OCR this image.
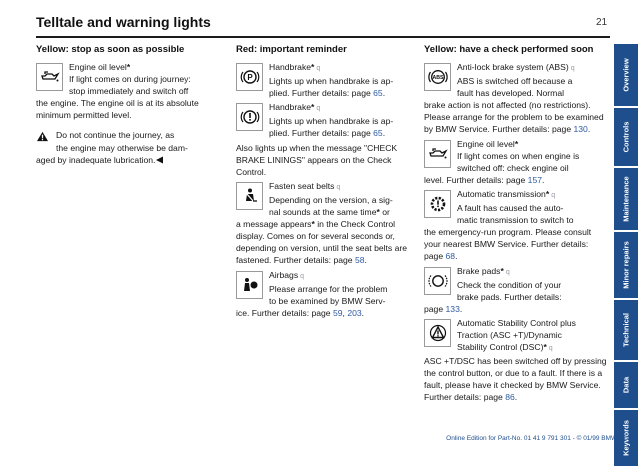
Telltale and warning lights	21
Yellow: stop as soon as possible
Engine oil level*
If light comes on during journey:
stop immediately and switch off
the engine. The engine oil is at its absolute minimum permitted level.
Do not continue the journey, as
the engine may otherwise be dam-
aged by inadequate lubrication.
Red: important reminder
P
Handbrake* q
Lights up when handbrake is ap-
plied. Further details: page 65.
Handbrake* q
Lights up when handbrake is ap-
plied. Further details: page 65.
Also lights up when the message "CHECK BRAKE LININGS" appears on the Check Control.
Fasten seat belts q
Depending on the version, a sig-
nal sounds at the same time* or
a message appears* in the Check Control display. Comes on for several seconds or, depending on version, until the seat belts are fastened. Further details: page 58.
Airbags q
Please arrange for the problem
to be examined by BMW Serv-
ice. Further details: page 59, 203.
Yellow: have a check performed soon
ABS
Anti-lock brake system (ABS) q
ABS is switched off because a
fault has developed. Normal
brake action is not affected (no restrictions). Please arrange for the problem to be examined by BMW Service. Further details: page 130.
Engine oil level*
If light comes on when engine is
switched off: check engine oil
level. Further details: page 157.
Automatic transmission* q
A fault has caused the auto-
matic transmission to switch to
the emergency-run program. Please consult your nearest BMW Service. Further details: page 68.
Brake pads* q
Check the condition of your
brake pads. Further details:
page 133.
Automatic Stability Control plus
Traction (ASC +T)/Dynamic
Stability Control (DSC)* q
ASC +T/DSC has been switched off by pressing the control button, or due to a fault. If there is a fault, please have it checked by BMW Service. Further details: page 86.
Overview
Controls
Maintenance
Minor repairs
Technical
Data
Keywords
Online Edition for Part-No. 01 41 9 791 301 - © 01/99 BMW AG
